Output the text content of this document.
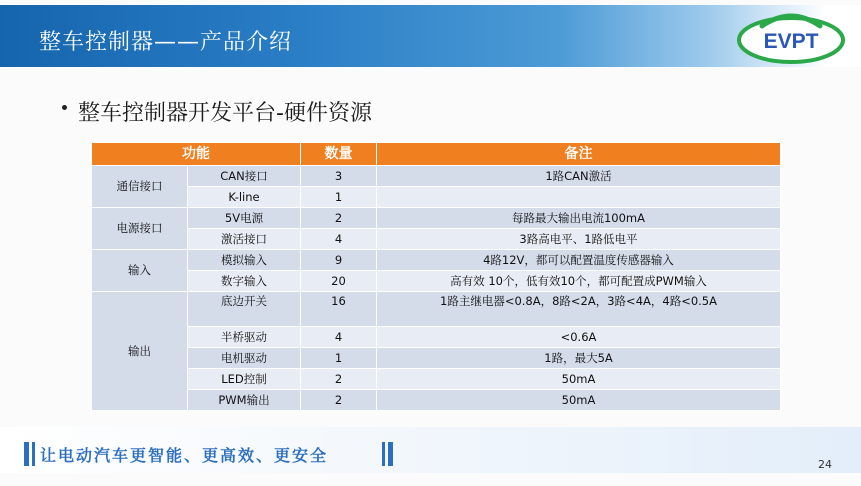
整车控制器——产品介绍	EVPT
整车控制器开发平台-硬件资源
功能		数量	备注
通信接口	CAN接口	3	1路CAN激活
	K-line	1	
电源接口	5V电源	2	每路最大输出电流100mA
	激活接口	4	3路高电平、1路低电平
输入	模拟输入	9	4路12V，都可以配置温度传感器输入
	数字输入	20	高有效 10个，低有效10个，都可配置成PWM输入
输出	底边开关	16	1路主继电器<0.8A，8路<2A，3路<4A，4路<0.5A
	半桥驱动	4	<0.6A
	电机驱动	1	1路，最大5A
	LED控制	2	50mA
	PWM输出	2	50mA
让电动汽车更智能、更高效、更安全	24
